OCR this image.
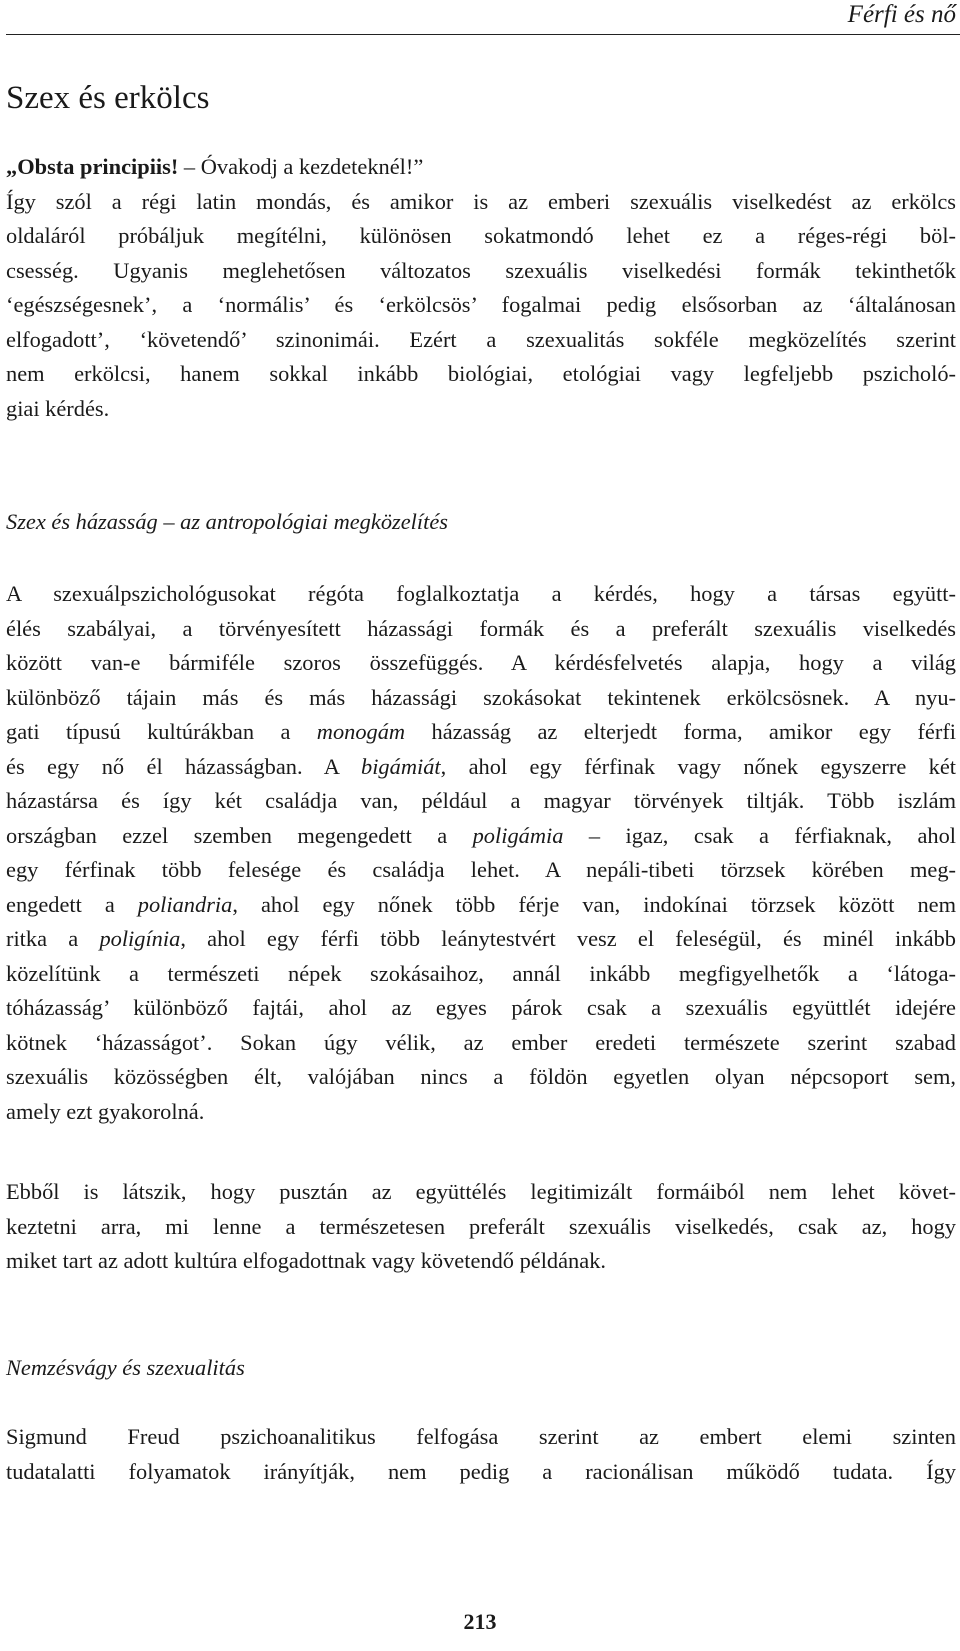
Férfi és nő
Szex és erkölcs
„Obsta principiis! – Óvakodj a kezdeteknél!”
Így szól a régi latin mondás, és amikor is az emberi szexuális viselkedést az erkölcs
oldaláról próbáljuk megítélni, különösen sokatmondó lehet ez a réges-régi böl-
csesség. Ugyanis meglehetősen változatos szexuális viselkedési formák tekinthetők
‘egészségesnek’, a ‘normális’ és ‘erkölcsös’ fogalmai pedig elsősorban az ‘általánosan
elfogadott’, ‘követendő’ szinonimái. Ezért a szexualitás sokféle megközelítés szerint
nem erkölcsi, hanem sokkal inkább biológiai, etológiai vagy legfeljebb pszicholó-
giai kérdés.
Szex és házasság – az antropológiai megközelítés
A szexuálpszichológusokat régóta foglalkoztatja a kérdés, hogy a társas együtt-
élés szabályai, a törvényesített házassági formák és a preferált szexuális viselkedés
között van-e bármiféle szoros összefüggés. A kérdésfelvetés alapja, hogy a világ
különböző tájain más és más házassági szokásokat tekintenek erkölcsösnek. A nyu-
gati típusú kultúrákban a monogám házasság az elterjedt forma, amikor egy férfi
és egy nő él házasságban. A bigámiát, ahol egy férfinak vagy nőnek egyszerre két
házastársa és így két családja van, például a magyar törvények tiltják. Több iszlám
országban ezzel szemben megengedett a poligámia – igaz, csak a férfiaknak, ahol
egy férfinak több felesége és családja lehet. A nepáli-tibeti törzsek körében meg-
engedett a poliandria, ahol egy nőnek több férje van, indokínai törzsek között nem
ritka a poligínia, ahol egy férfi több leánytestvért vesz el feleségül, és minél inkább
közelítünk a természeti népek szokásaihoz, annál inkább megfigyelhetők a ‘látoga-
tóházasság’ különböző fajtái, ahol az egyes párok csak a szexuális együttlét idejére
kötnek ‘házasságot’. Sokan úgy vélik, az ember eredeti természete szerint szabad
szexuális közösségben élt, valójában nincs a földön egyetlen olyan népcsoport sem,
amely ezt gyakorolná.
Ebből is látszik, hogy pusztán az együttélés legitimizált formáiból nem lehet követ-
keztetni arra, mi lenne a természetesen preferált szexuális viselkedés, csak az, hogy
miket tart az adott kultúra elfogadottnak vagy követendő példának.
Nemzésvágy és szexualitás
Sigmund Freud pszichoanalitikus felfogása szerint az embert elemi szinten
tudatalatti folyamatok irányítják, nem pedig a racionálisan működő tudata. Így
213
